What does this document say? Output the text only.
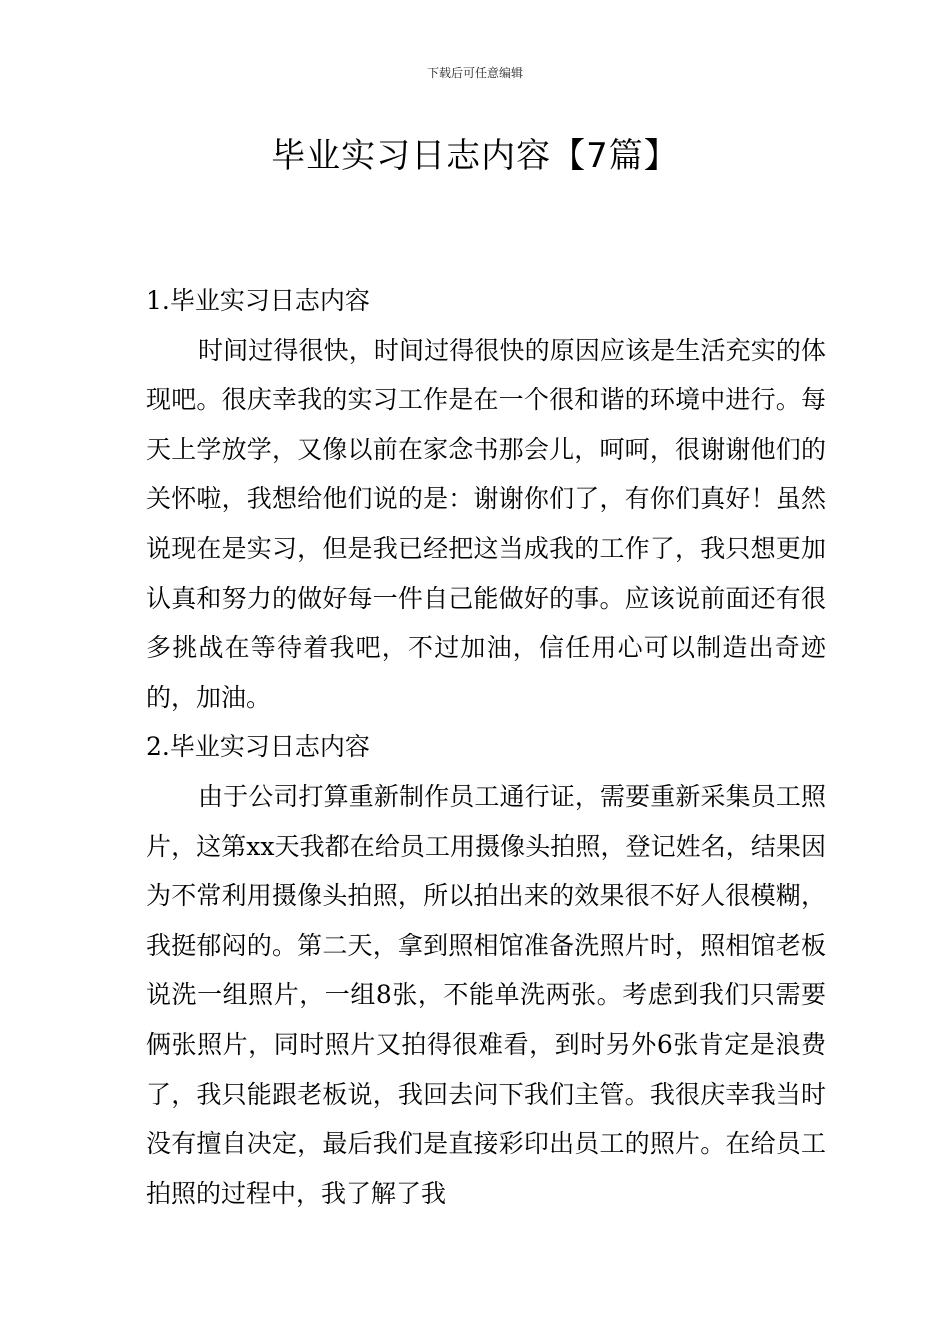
下载后可任意编辑
毕业实习日志内容【7篇】

1.毕业实习日志内容

时间过得很快，时间过得很快的原因应该是生活充实的体现吧。很庆幸我的实习工作是在一个很和谐的环境中进行。每天上学放学，又像以前在家念书那会儿，呵呵，很谢谢他们的关怀啦，我想给他们说的是：谢谢你们了，有你们真好！虽然说现在是实习，但是我已经把这当成我的工作了，我只想更加认真和努力的做好每一件自己能做好的事。应该说前面还有很多挑战在等待着我吧，不过加油，信任用心可以制造出奇迹的，加油。

2.毕业实习日志内容

由于公司打算重新制作员工通行证，需要重新采集员工照片，这第xx天我都在给员工用摄像头拍照，登记姓名，结果因为不常利用摄像头拍照，所以拍出来的效果很不好人很模糊，我挺郁闷的。第二天，拿到照相馆准备洗照片时，照相馆老板说洗一组照片，一组8张，不能单洗两张。考虑到我们只需要俩张照片，同时照片又拍得很难看，到时另外6张肯定是浪费了，我只能跟老板说，我回去问下我们主管。我很庆幸我当时没有擅自决定，最后我们是直接彩印出员工的照片。在给员工拍照的过程中，我了解了我
